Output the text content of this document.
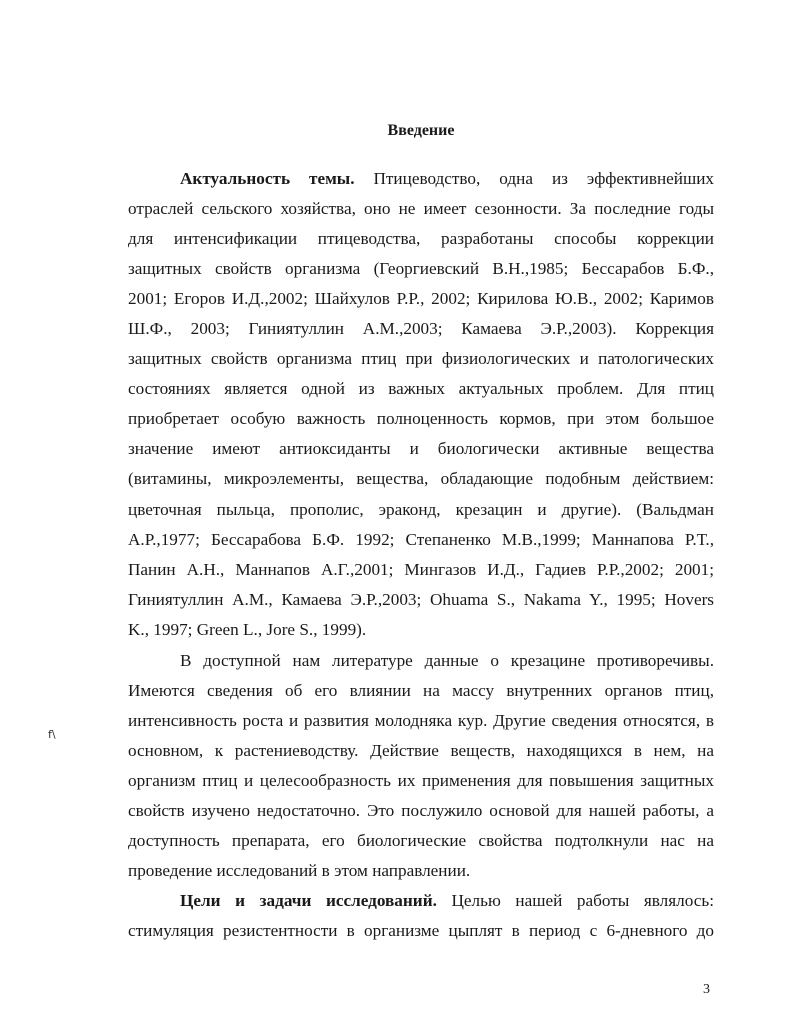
Введение
Актуальность темы. Птицеводство, одна из эффективнейших
отраслей сельского хозяйства, оно не имеет сезонности. За последние годы
для интенсификации птицеводства, разработаны способы коррекции
защитных свойств организма (Георгиевский В.Н.,1985; Бессарабов Б.Ф.,
2001; Егоров И.Д.,2002; Шайхулов Р.Р., 2002; Кирилова Ю.В., 2002; Каримов
Ш.Ф., 2003; Гиниятуллин А.М.,2003; Камаева Э.Р.,2003). Коррекция
защитных свойств организма птиц при физиологических и патологических
состояниях является одной из важных актуальных проблем. Для птиц
приобретает особую важность полноценность кормов, при этом большое
значение имеют антиоксиданты и биологически активные вещества
(витамины, микроэлементы, вещества, обладающие подобным действием:
цветочная пыльца, прополис, эраконд, крезацин и другие). (Вальдман
А.Р.,1977; Бессарабова Б.Ф. 1992; Степаненко М.В.,1999; Маннапова Р.Т.,
Панин А.Н., Маннапов А.Г.,2001; Мингазов И.Д., Гадиев Р.Р.,2002; 2001;
Гиниятуллин А.М., Камаева Э.Р.,2003; Ohuama S., Nakama Y., 1995; Hovers
K., 1997; Green L., Jore S., 1999).
В доступной нам литературе данные о крезацине противоречивы.
Имеются сведения об его влиянии на массу внутренних органов птиц,
интенсивность роста и развития молодняка кур. Другие сведения относятся, в
основном, к растениеводству. Действие веществ, находящихся в нем, на
организм птиц и целесообразность их применения для повышения защитных
свойств изучено недостаточно. Это послужило основой для нашей работы, а
доступность препарата, его биологические свойства подтолкнули нас на
проведение исследований в этом направлении.
Цели и задачи исследований. Целью нашей работы являлось:
стимуляция резистентности в организме цыплят в период с 6-дневного до
f\
3
